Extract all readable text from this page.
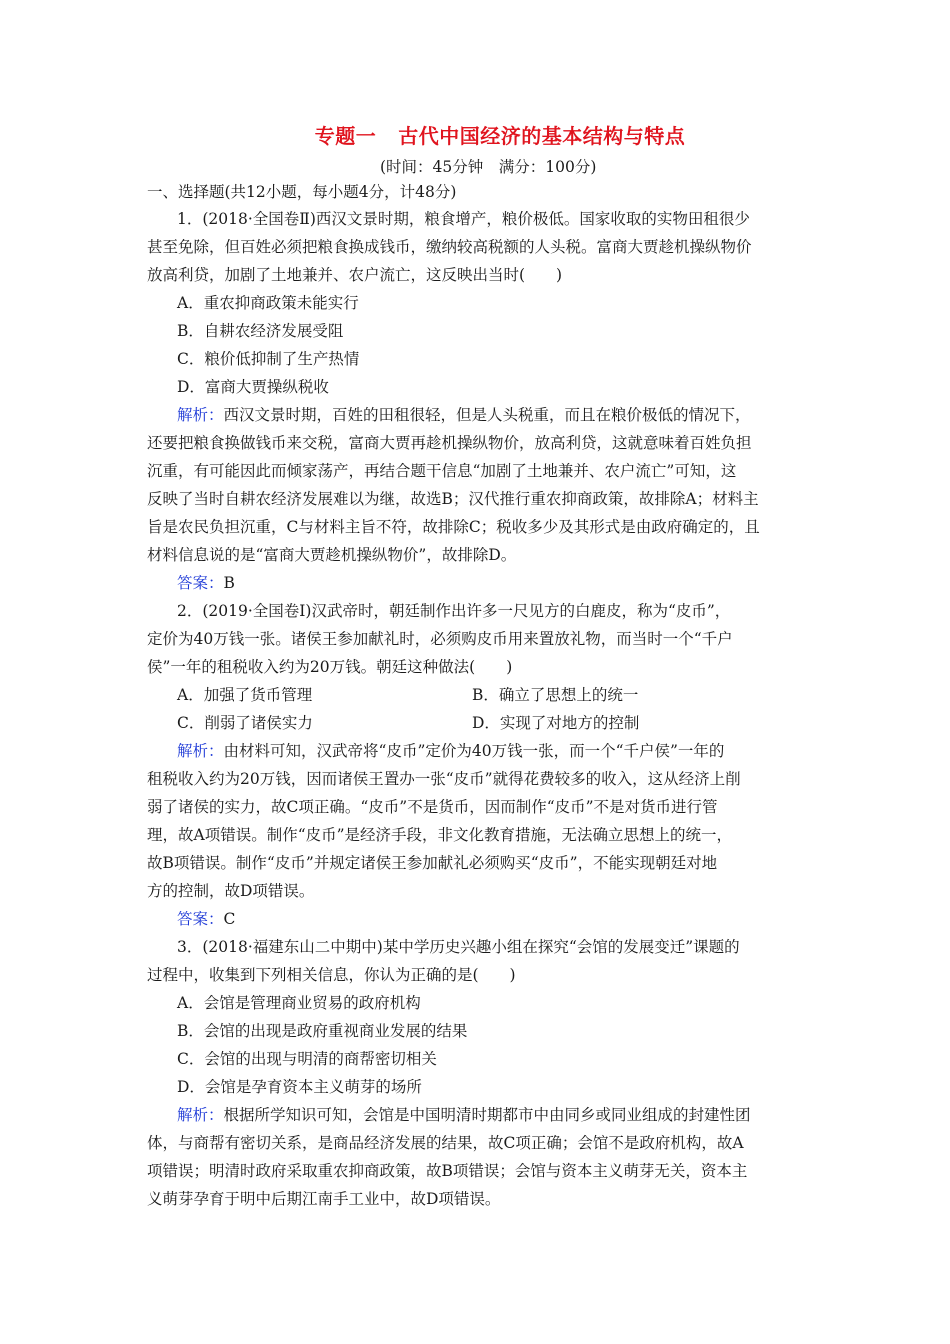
专题一 古代中国经济的基本结构与特点
(时间：45分钟　满分：100分)
一、选择题(共12小题，每小题4分，计48分)
1．(2018·全国卷Ⅱ)西汉文景时期，粮食增产，粮价极低。国家收取的实物田租很少
甚至免除，但百姓必须把粮食换成钱币，缴纳较高税额的人头税。富商大贾趁机操纵物价
放高利贷，加剧了土地兼并、农户流亡，这反映出当时(　　)
A．重农抑商政策未能实行
B．自耕农经济发展受阻
C．粮价低抑制了生产热情
D．富商大贾操纵税收
解析：西汉文景时期，百姓的田租很轻，但是人头税重，而且在粮价极低的情况下，
还要把粮食换做钱币来交税，富商大贾再趁机操纵物价，放高利贷，这就意味着百姓负担
沉重，有可能因此而倾家荡产，再结合题干信息“加剧了土地兼并、农户流亡”可知，这
反映了当时自耕农经济发展难以为继，故选B；汉代推行重农抑商政策，故排除A；材料主
旨是农民负担沉重，C与材料主旨不符，故排除C；税收多少及其形式是由政府确定的，且
材料信息说的是“富商大贾趁机操纵物价”，故排除D。
答案：B
2．(2019·全国卷Ⅰ)汉武帝时，朝廷制作出许多一尺见方的白鹿皮，称为“皮币”，
定价为40万钱一张。诸侯王参加献礼时，必须购皮币用来置放礼物，而当时一个“千户
侯”一年的租税收入约为20万钱。朝廷这种做法(　　)
A．加强了货币管理	B．确立了思想上的统一
C．削弱了诸侯实力	D．实现了对地方的控制
解析：由材料可知，汉武帝将“皮币”定价为40万钱一张，而一个“千户侯”一年的
租税收入约为20万钱，因而诸侯王置办一张“皮币”就得花费较多的收入，这从经济上削
弱了诸侯的实力，故C项正确。“皮币”不是货币，因而制作“皮币”不是对货币进行管
理，故A项错误。制作“皮币”是经济手段，非文化教育措施，无法确立思想上的统一，
故B项错误。制作“皮币”并规定诸侯王参加献礼必须购买“皮币”，不能实现朝廷对地
方的控制，故D项错误。
答案：C
3．(2018·福建东山二中期中)某中学历史兴趣小组在探究“会馆的发展变迁”课题的
过程中，收集到下列相关信息，你认为正确的是(　　)
A．会馆是管理商业贸易的政府机构
B．会馆的出现是政府重视商业发展的结果
C．会馆的出现与明清的商帮密切相关
D．会馆是孕育资本主义萌芽的场所
解析：根据所学知识可知，会馆是中国明清时期都市中由同乡或同业组成的封建性团
体，与商帮有密切关系，是商品经济发展的结果，故C项正确；会馆不是政府机构，故A
项错误；明清时政府采取重农抑商政策，故B项错误；会馆与资本主义萌芽无关，资本主
义萌芽孕育于明中后期江南手工业中，故D项错误。
